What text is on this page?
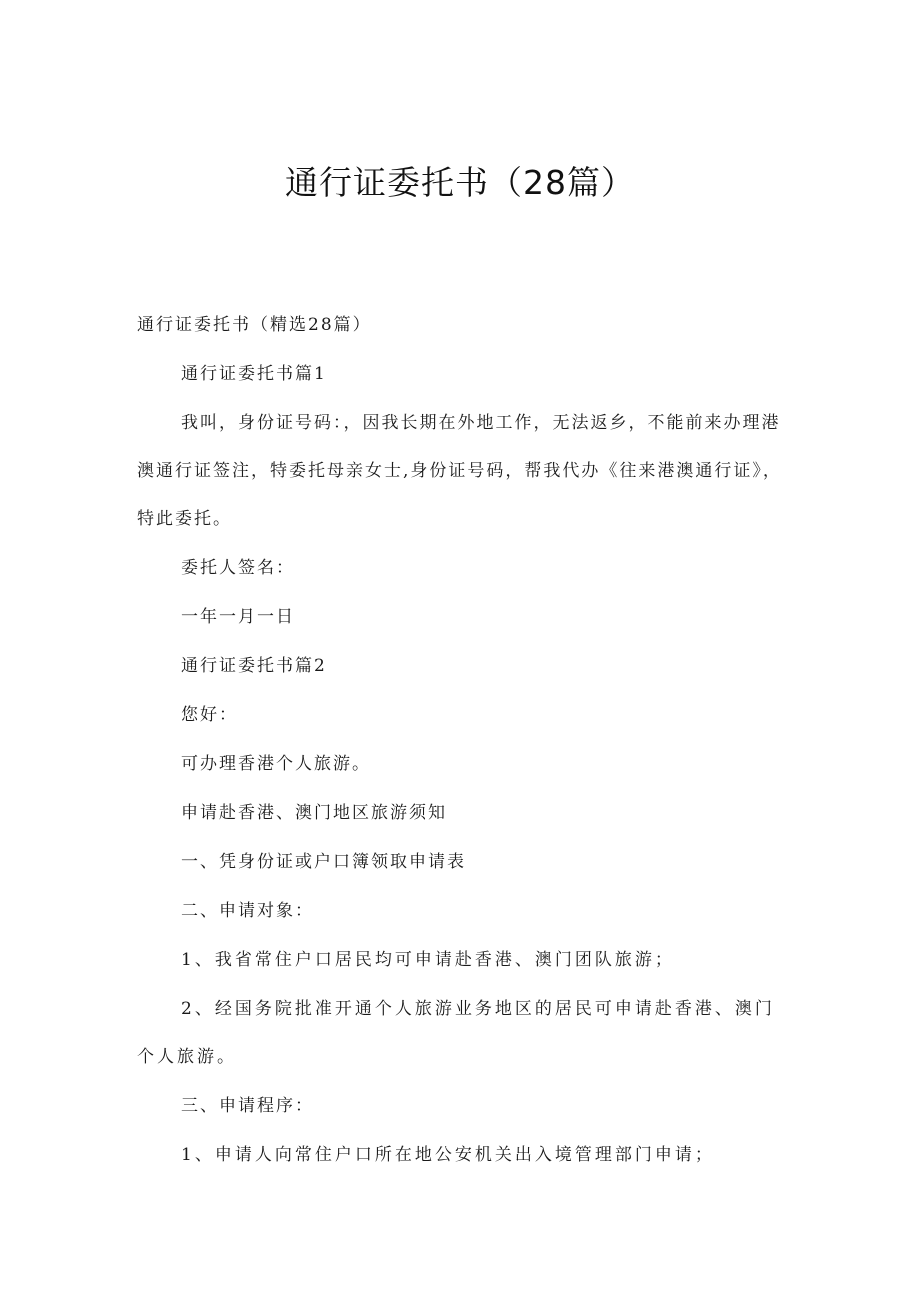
通行证委托书（28篇）

通行证委托书（精选28篇）

通行证委托书篇1

我叫，身份证号码：，因我长期在外地工作，无法返乡，不能前来办理港澳通行证签注，特委托母亲女士,身份证号码，帮我代办《往来港澳通行证》，特此委托。

委托人签名：

一年一月一日

通行证委托书篇2

您好：

可办理香港个人旅游。

申请赴香港、澳门地区旅游须知

一、凭身份证或户口簿领取申请表

二、申请对象：

1、我省常住户口居民均可申请赴香港、澳门团队旅游；

2、经国务院批准开通个人旅游业务地区的居民可申请赴香港、澳门个人旅游。

三、申请程序：

1、申请人向常住户口所在地公安机关出入境管理部门申请；
